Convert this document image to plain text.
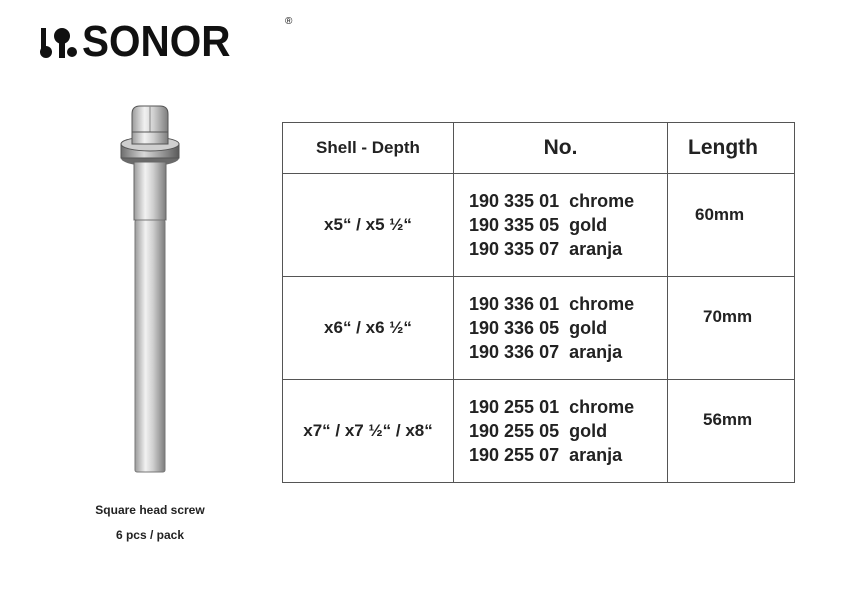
SONOR	®
Square head screw
6 pcs / pack
Shell - Depth	No.	Length
x5“ / x5 ½“	190 335 01  chrome
190 335 05  gold
190 335 07  aranja	60mm

x6“ / x6 ½“	190 336 01  chrome
190 336 05  gold
190 336 07  aranja	70mm

x7“ / x7 ½“ / x8“	190 255 01  chrome
190 255 05  gold
190 255 07  aranja	56mm
